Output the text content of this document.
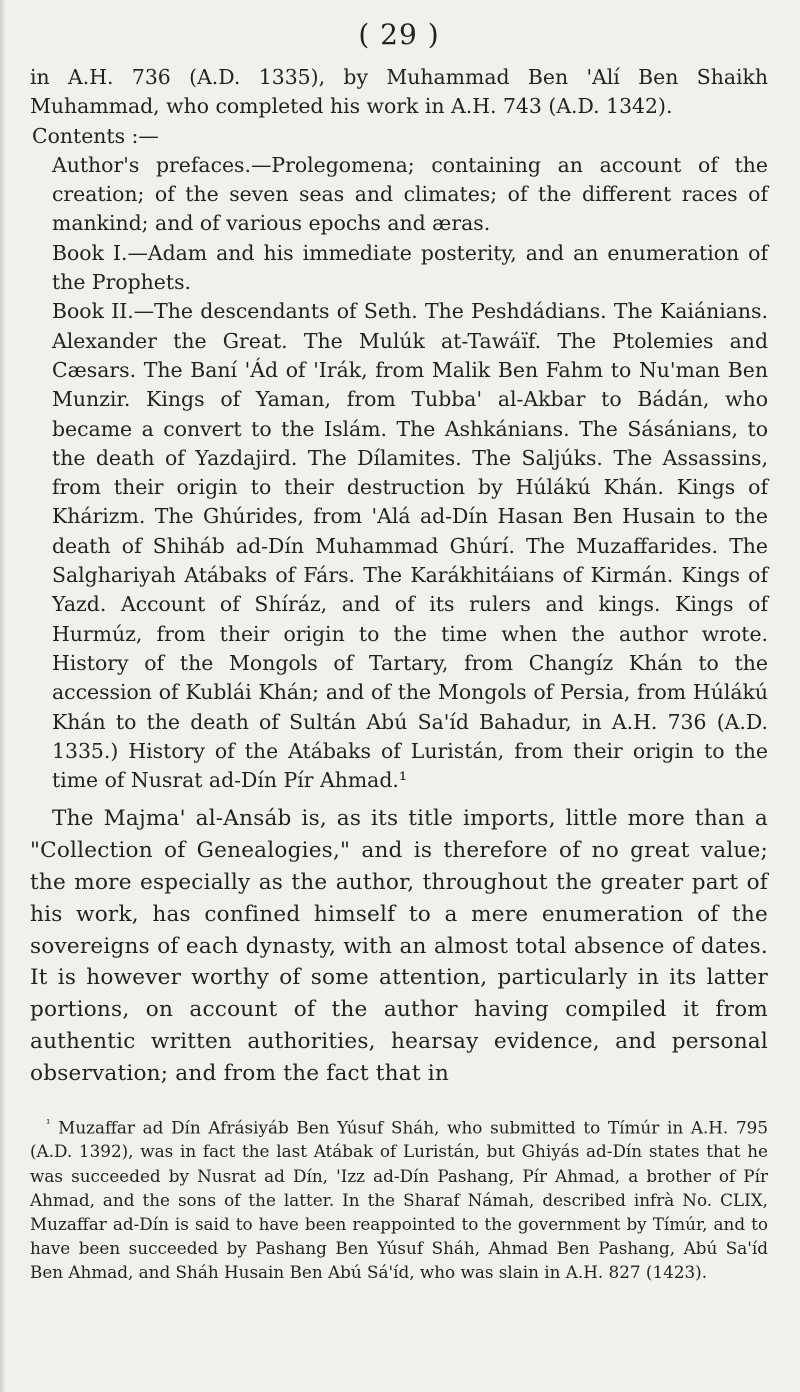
( 29 )

in A.H. 736 (A.D. 1335), by Muhammad Ben 'Alí Ben Shaikh Muhammad, who completed his work in A.H. 743 (A.D. 1342).

Contents :—

Author's prefaces.—Prolegomena; containing an account of the creation; of the seven seas and climates; of the different races of mankind; and of various epochs and æras.

Book I.—Adam and his immediate posterity, and an enumeration of the Prophets.

Book II.—The descendants of Seth. The Peshdádians. The Kaiánians. Alexander the Great. The Mulúk at-Tawáïf. The Ptolemies and Cæsars. The Baní 'Ád of 'Irák, from Malik Ben Fahm to Nu'man Ben Munzir. Kings of Yaman, from Tubba' al-Akbar to Bádán, who became a convert to the Islám. The Ashkánians. The Sásánians, to the death of Yazdajird. The Dílamites. The Saljúks. The Assassins, from their origin to their destruction by Húlákú Khán. Kings of Khárizm. The Ghúrides, from 'Alá ad-Dín Hasan Ben Husain to the death of Shiháb ad-Dín Muhammad Ghúrí. The Muzaffarides. The Salghariyah Atábaks of Fárs. The Karákhitáians of Kirmán. Kings of Yazd. Account of Shíráz, and of its rulers and kings. Kings of Hurmúz, from their origin to the time when the author wrote. History of the Mongols of Tartary, from Changíz Khán to the accession of Kublái Khán; and of the Mongols of Persia, from Húlákú Khán to the death of Sultán Abú Sa'íd Bahadur, in A.H. 736 (A.D. 1335.) History of the Atábaks of Luristán, from their origin to the time of Nusrat ad-Dín Pír Ahmad.¹

The Majma' al-Ansáb is, as its title imports, little more than a "Collection of Genealogies," and is therefore of no great value; the more especially as the author, throughout the greater part of his work, has confined himself to a mere enumeration of the sovereigns of each dynasty, with an almost total absence of dates. It is however worthy of some attention, particularly in its latter portions, on account of the author having compiled it from authentic written authorities, hearsay evidence, and personal observation; and from the fact that in

$^{^1}$ Muzaffar ad Dín Afrásiyáb Ben Yúsuf Sháh, who submitted to Tímúr in A.H. 795 (A.D. 1392), was in fact the last Atábak of Luristán, but Ghiyás ad-Dín states that he was succeeded by Nusrat ad Dín, 'Izz ad-Dín Pashang, Pír Ahmad, a brother of Pír Ahmad, and the sons of the latter. In the Sharaf Námah, described infrà No. CLIX, Muzaffar ad-Dín is said to have been reappointed to the government by Tímúr, and to have been succeeded by Pashang Ben Yúsuf Sháh, Ahmad Ben Pashang, Abú Sa'íd Ben Ahmad, and Sháh Husain Ben Abú Sá'íd, who was slain in A.H. 827 (1423).
